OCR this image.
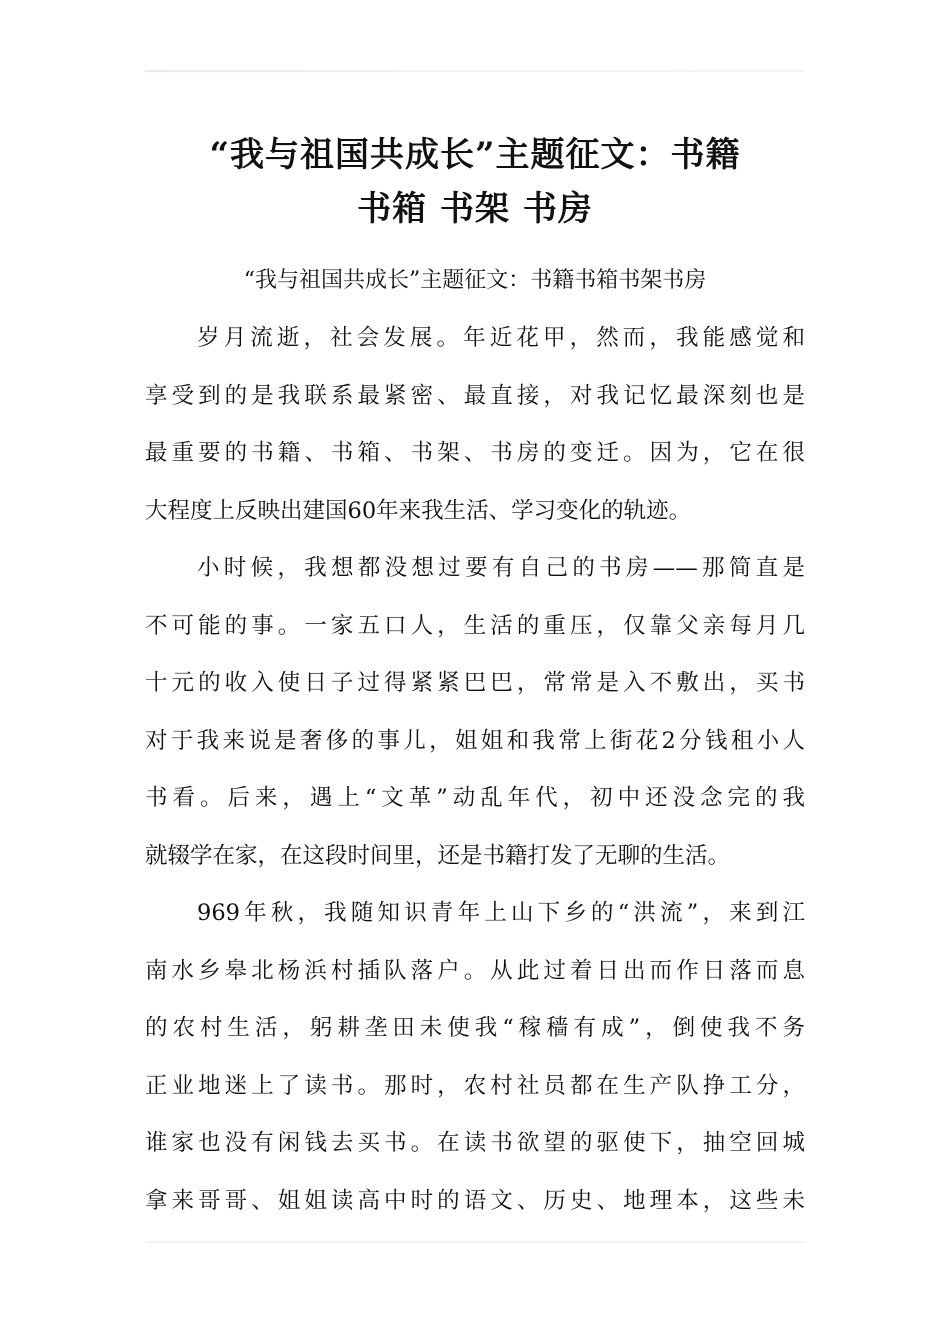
“我与祖国共成长”主题征文：书籍
书箱 书架 书房

“我与祖国共成长”主题征文：书籍书箱书架书房

岁月流逝，社会发展。年近花甲，然而，我能感觉和
享受到的是我联系最紧密、最直接，对我记忆最深刻也是
最重要的书籍、书箱、书架、书房的变迁。因为，它在很
大程度上反映出建国60年来我生活、学习变化的轨迹。

小时候，我想都没想过要有自己的书房——那简直是
不可能的事。一家五口人，生活的重压，仅靠父亲每月几
十元的收入使日子过得紧紧巴巴，常常是入不敷出，买书
对于我来说是奢侈的事儿，姐姐和我常上街花2分钱租小人
书看。后来，遇上“文革”动乱年代，初中还没念完的我
就辍学在家，在这段时间里，还是书籍打发了无聊的生活。

969年秋，我随知识青年上山下乡的“洪流”，来到江
南水乡皋北杨浜村插队落户。从此过着日出而作日落而息
的农村生活，躬耕垄田未使我“稼穑有成”，倒使我不务
正业地迷上了读书。那时，农村社员都在生产队挣工分，
谁家也没有闲钱去买书。在读书欲望的驱使下，抽空回城
拿来哥哥、姐姐读高中时的语文、历史、地理本，这些未
